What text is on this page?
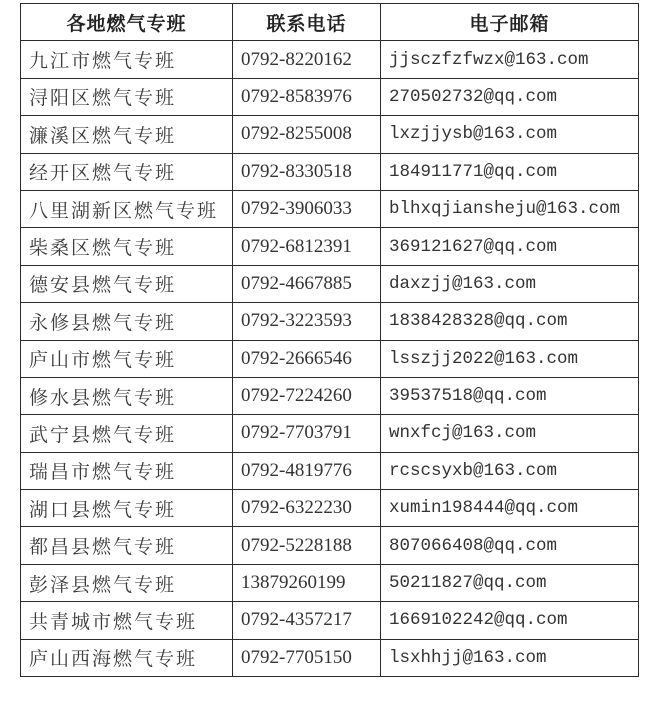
各地燃气专班	联系电话	电子邮箱
九江市燃气专班	0792-8220162	jjsczfzfwzx@163.com
浔阳区燃气专班	0792-8583976	270502732@qq.com
濂溪区燃气专班	0792-8255008	lxzjjysb@163.com
经开区燃气专班	0792-8330518	184911771@qq.com
八里湖新区燃气专班	0792-3906033	blhxqjiansheju@163.com
柴桑区燃气专班	0792-6812391	369121627@qq.com
德安县燃气专班	0792-4667885	daxzjj@163.com
永修县燃气专班	0792-3223593	1838428328@qq.com
庐山市燃气专班	0792-2666546	lsszjj2022@163.com
修水县燃气专班	0792-7224260	39537518@qq.com
武宁县燃气专班	0792-7703791	wnxfcj@163.com
瑞昌市燃气专班	0792-4819776	rcscsyxb@163.com
湖口县燃气专班	0792-6322230	xumin198444@qq.com
都昌县燃气专班	0792-5228188	807066408@qq.com
彭泽县燃气专班	13879260199	50211827@qq.com
共青城市燃气专班	0792-4357217	1669102242@qq.com
庐山西海燃气专班	0792-7705150	lsxhhjj@163.com
